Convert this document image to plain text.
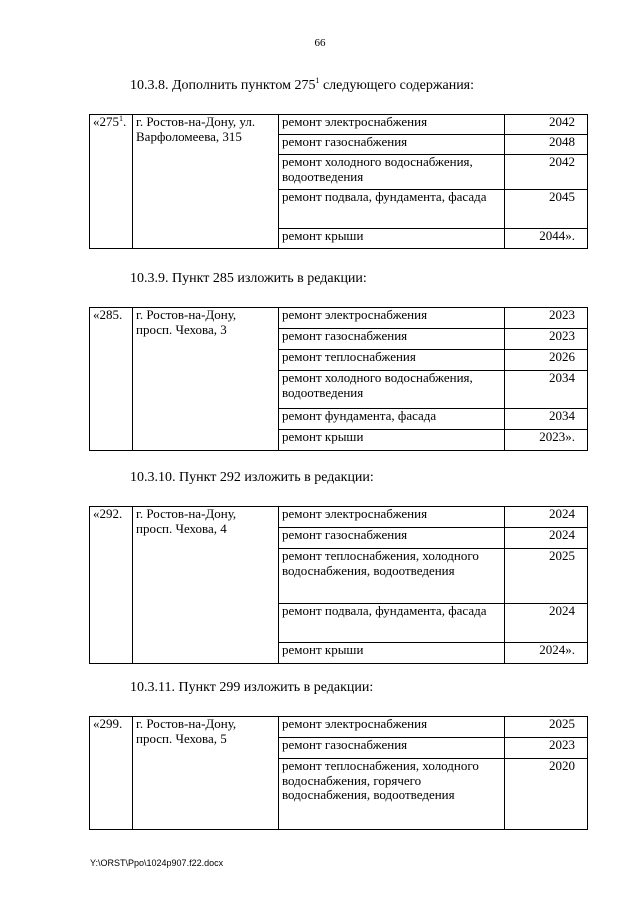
66
10.3.8. Дополнить пунктом $275^1$ следующего содержания:
«$275^1$.	г. Ростов-на-Дону, ул. Варфоломеева, 315	ремонт электроснабжения	2042
		ремонт газоснабжения	2048
		ремонт холодного водоснабжения, водоотведения	2042
		ремонт подвала, фундамента, фасада	2045
		ремонт крыши	2044».
10.3.9. Пункт 285 изложить в редакции:
«285.	г. Ростов-на-Дону, просп. Чехова, 3	ремонт электроснабжения	2023
		ремонт газоснабжения	2023
		ремонт теплоснабжения	2026
		ремонт холодного водоснабжения, водоотведения	2034
		ремонт фундамента, фасада	2034
		ремонт крыши	2023».
10.3.10. Пункт 292 изложить в редакции:
«292.	г. Ростов-на-Дону, просп. Чехова, 4	ремонт электроснабжения	2024
		ремонт газоснабжения	2024
		ремонт теплоснабжения, холодного водоснабжения, водоотведения	2025
		ремонт подвала, фундамента, фасада	2024
		ремонт крыши	2024».
10.3.11. Пункт 299 изложить в редакции:
«299.	г. Ростов-на-Дону, просп. Чехова, 5	ремонт электроснабжения	2025
		ремонт газоснабжения	2023
		ремонт теплоснабжения, холодного водоснабжения, горячего водоснабжения, водоотведения	2020
Y:\ORST\Ppo\1024p907.f22.docx
